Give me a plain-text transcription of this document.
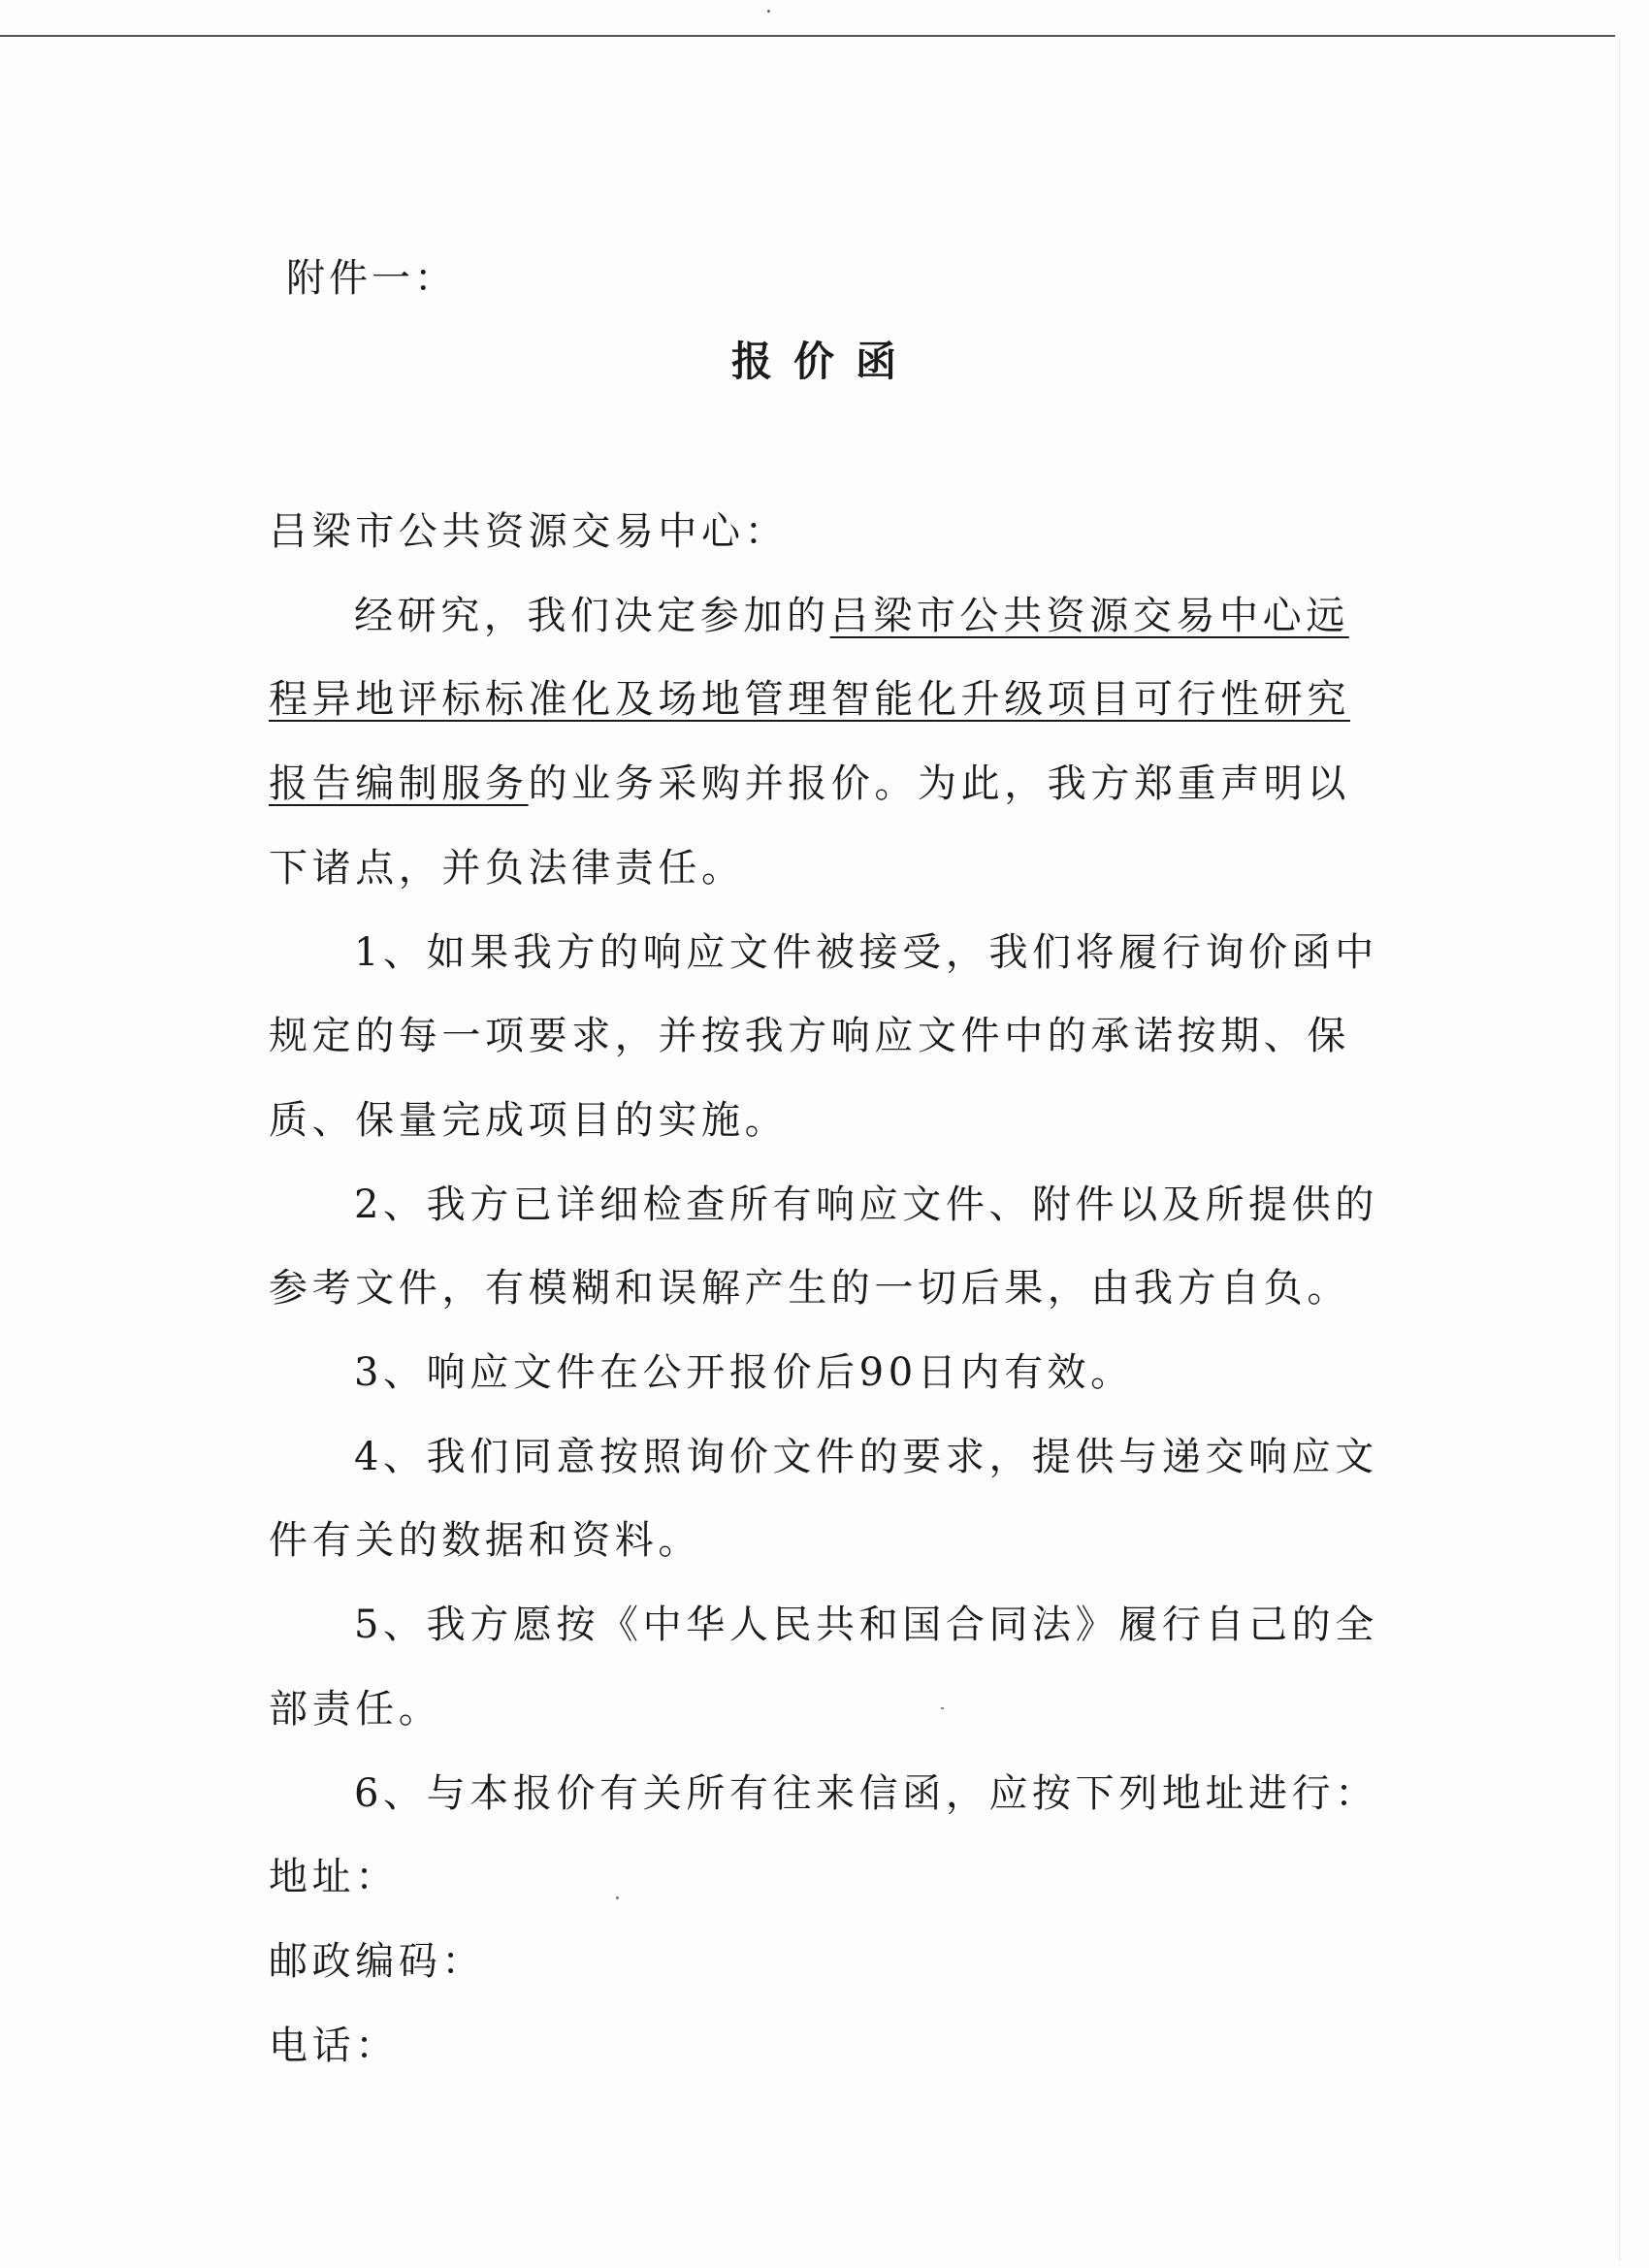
附件一：
报价函

吕梁市公共资源交易中心：

经研究，我们决定参加的吕梁市公共资源交易中心远程异地评标标准化及场地管理智能化升级项目可行性研究报告编制服务的业务采购并报价。为此，我方郑重声明以下诸点，并负法律责任。

1、如果我方的响应文件被接受，我们将履行询价函中规定的每一项要求，并按我方响应文件中的承诺按期、保质、保量完成项目的实施。

2、我方已详细检查所有响应文件、附件以及所提供的参考文件，有模糊和误解产生的一切后果，由我方自负。

3、响应文件在公开报价后90日内有效。

4、我们同意按照询价文件的要求，提供与递交响应文件有关的数据和资料。

5、我方愿按《中华人民共和国合同法》履行自己的全部责任。

6、与本报价有关所有往来信函，应按下列地址进行：

地址：

邮政编码：

电话：
